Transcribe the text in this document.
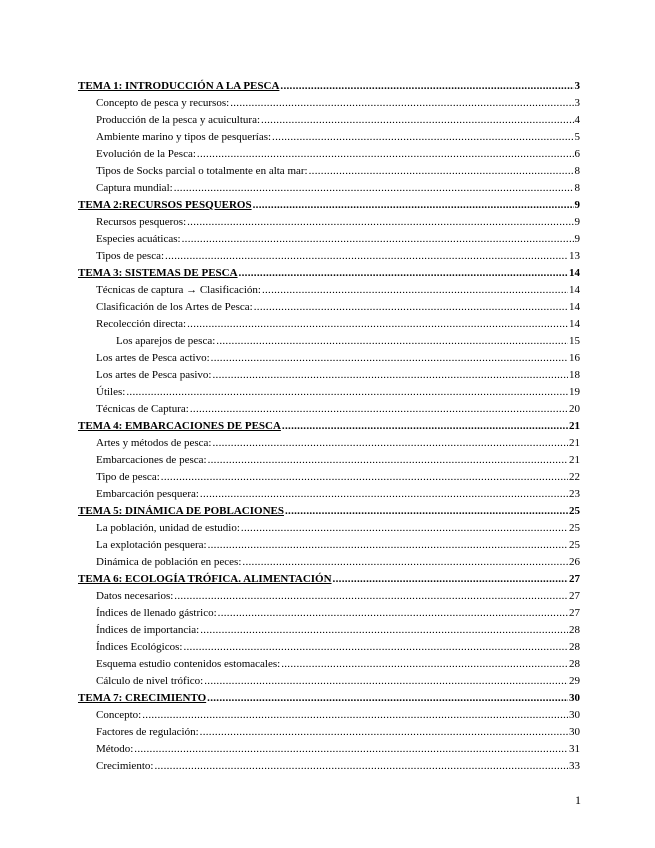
TEMA 1: INTRODUCCIÓN A LA PESCA .....	3
Concepto de pesca y recursos: .....	3
Producción de la pesca y acuicultura: .....	4
Ambiente marino y tipos de pesquerías: .....	5
Evolución de la Pesca: .....	6
Tipos de Socks parcial o totalmente en alta mar: .....	8
Captura mundial: .....	8
TEMA 2:RECURSOS PESQUEROS .....	9
Recursos pesqueros: .....	9
Especies acuáticas: .....	9
Tipos de pesca: .....	13
TEMA 3: SISTEMAS DE PESCA .....	14
Técnicas de captura → Clasificación: .....	14
Clasificación de los Artes de Pesca: .....	14
Recolección directa: .....	14
Los aparejos de pesca: .....	15
Los artes de Pesca activo: .....	16
Los artes de Pesca pasivo: .....	18
Útiles: .....	19
Técnicas de Captura: .....	20
TEMA 4: EMBARCACIONES DE PESCA .....	21
Artes y métodos de pesca: .....	21
Embarcaciones de pesca: .....	21
Tipo de pesca: .....	22
Embarcación pesquera: .....	23
TEMA 5: DINÁMICA DE POBLACIONES .....	25
La población, unidad de estudio: .....	25
La explotación pesquera: .....	25
Dinámica de población en peces: .....	26
TEMA 6: ECOLOGÍA TRÓFICA. ALIMENTACIÓN .....	27
Datos necesarios: .....	27
Índices de llenado gástrico: .....	27
Índices de importancia: .....	28
Índices Ecológicos: .....	28
Esquema estudio contenidos estomacales: .....	28
Cálculo de nivel trófico: .....	29
TEMA 7: CRECIMIENTO .....	30
Concepto: .....	30
Factores de regulación: .....	30
Método: .....	31
Crecimiento: .....	33
1
